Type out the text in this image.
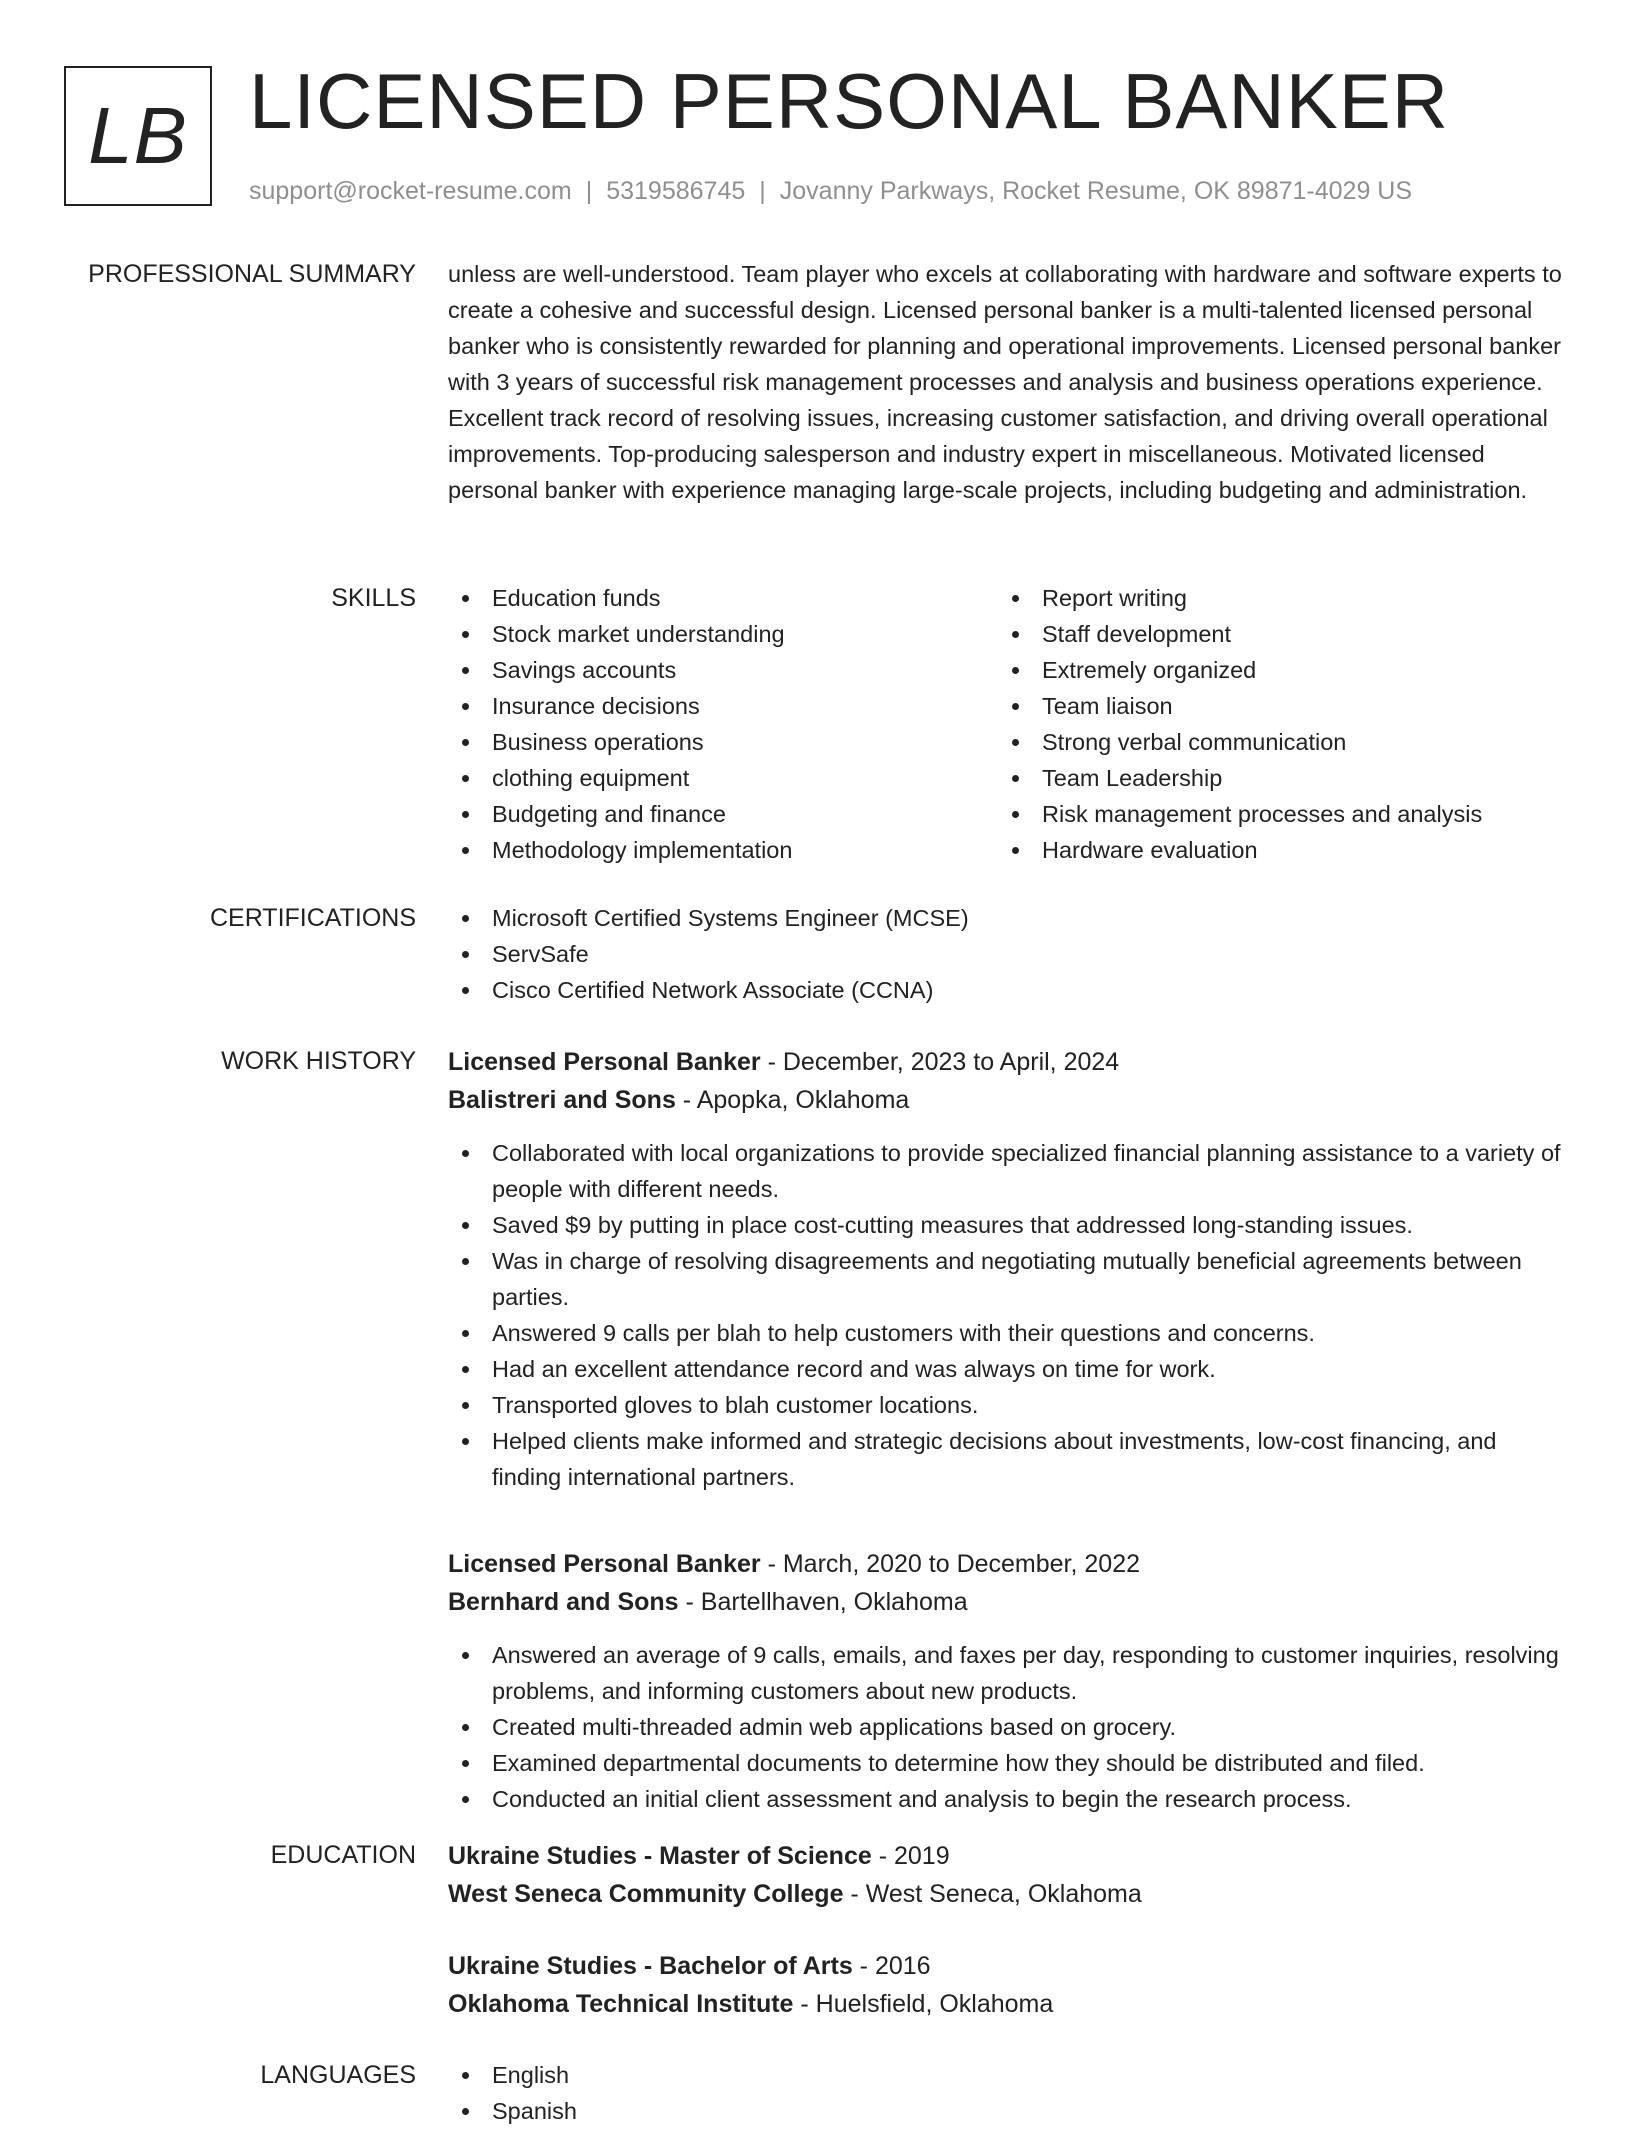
LB LICENSED PERSONAL BANKER
support@rocket-resume.com | 5319586745 | Jovanny Parkways, Rocket Resume, OK 89871-4029 US
PROFESSIONAL SUMMARY unless are well-understood. Team player who excels at collaborating with hardware and software experts to create a cohesive and successful design. Licensed personal banker is a multi-talented licensed personal banker who is consistently rewarded for planning and operational improvements. Licensed personal banker with 3 years of successful risk management processes and analysis and business operations experience. Excellent track record of resolving issues, increasing customer satisfaction, and driving overall operational improvements. Top-producing salesperson and industry expert in miscellaneous. Motivated licensed personal banker with experience managing large-scale projects, including budgeting and administration.

SKILLS	Education funds
Stock market understanding
Savings accounts
Insurance decisions
Business operations
clothing equipment
Budgeting and finance
Methodology implementation
Report writing
Staff development
Extremely organized
Team liaison
Strong verbal communication
Team Leadership
Risk management processes and analysis
Hardware evaluation
CERTIFICATIONS	Microsoft Certified Systems Engineer (MCSE)
ServSafe
Cisco Certified Network Associate (CCNA)
WORK HISTORY Licensed Personal Banker - December, 2023 to April, 2024
Balistreri and Sons - Apopka, Oklahoma
Collaborated with local organizations to provide specialized financial planning assistance to a variety of people with different needs.
Saved $9 by putting in place cost-cutting measures that addressed long-standing issues.
Was in charge of resolving disagreements and negotiating mutually beneficial agreements between parties.
Answered 9 calls per blah to help customers with their questions and concerns.
Had an excellent attendance record and was always on time for work.
Transported gloves to blah customer locations.
Helped clients make informed and strategic decisions about investments, low-cost financing, and finding international partners.
Licensed Personal Banker - March, 2020 to December, 2022
Bernhard and Sons - Bartellhaven, Oklahoma
Answered an average of 9 calls, emails, and faxes per day, responding to customer inquiries, resolving problems, and informing customers about new products.
Created multi-threaded admin web applications based on grocery.
Examined departmental documents to determine how they should be distributed and filed.
Conducted an initial client assessment and analysis to begin the research process.
EDUCATION Ukraine Studies - Master of Science - 2019
West Seneca Community College - West Seneca, Oklahoma
Ukraine Studies - Bachelor of Arts - 2016
Oklahoma Technical Institute - Huelsfield, Oklahoma
LANGUAGES	English
Spanish
